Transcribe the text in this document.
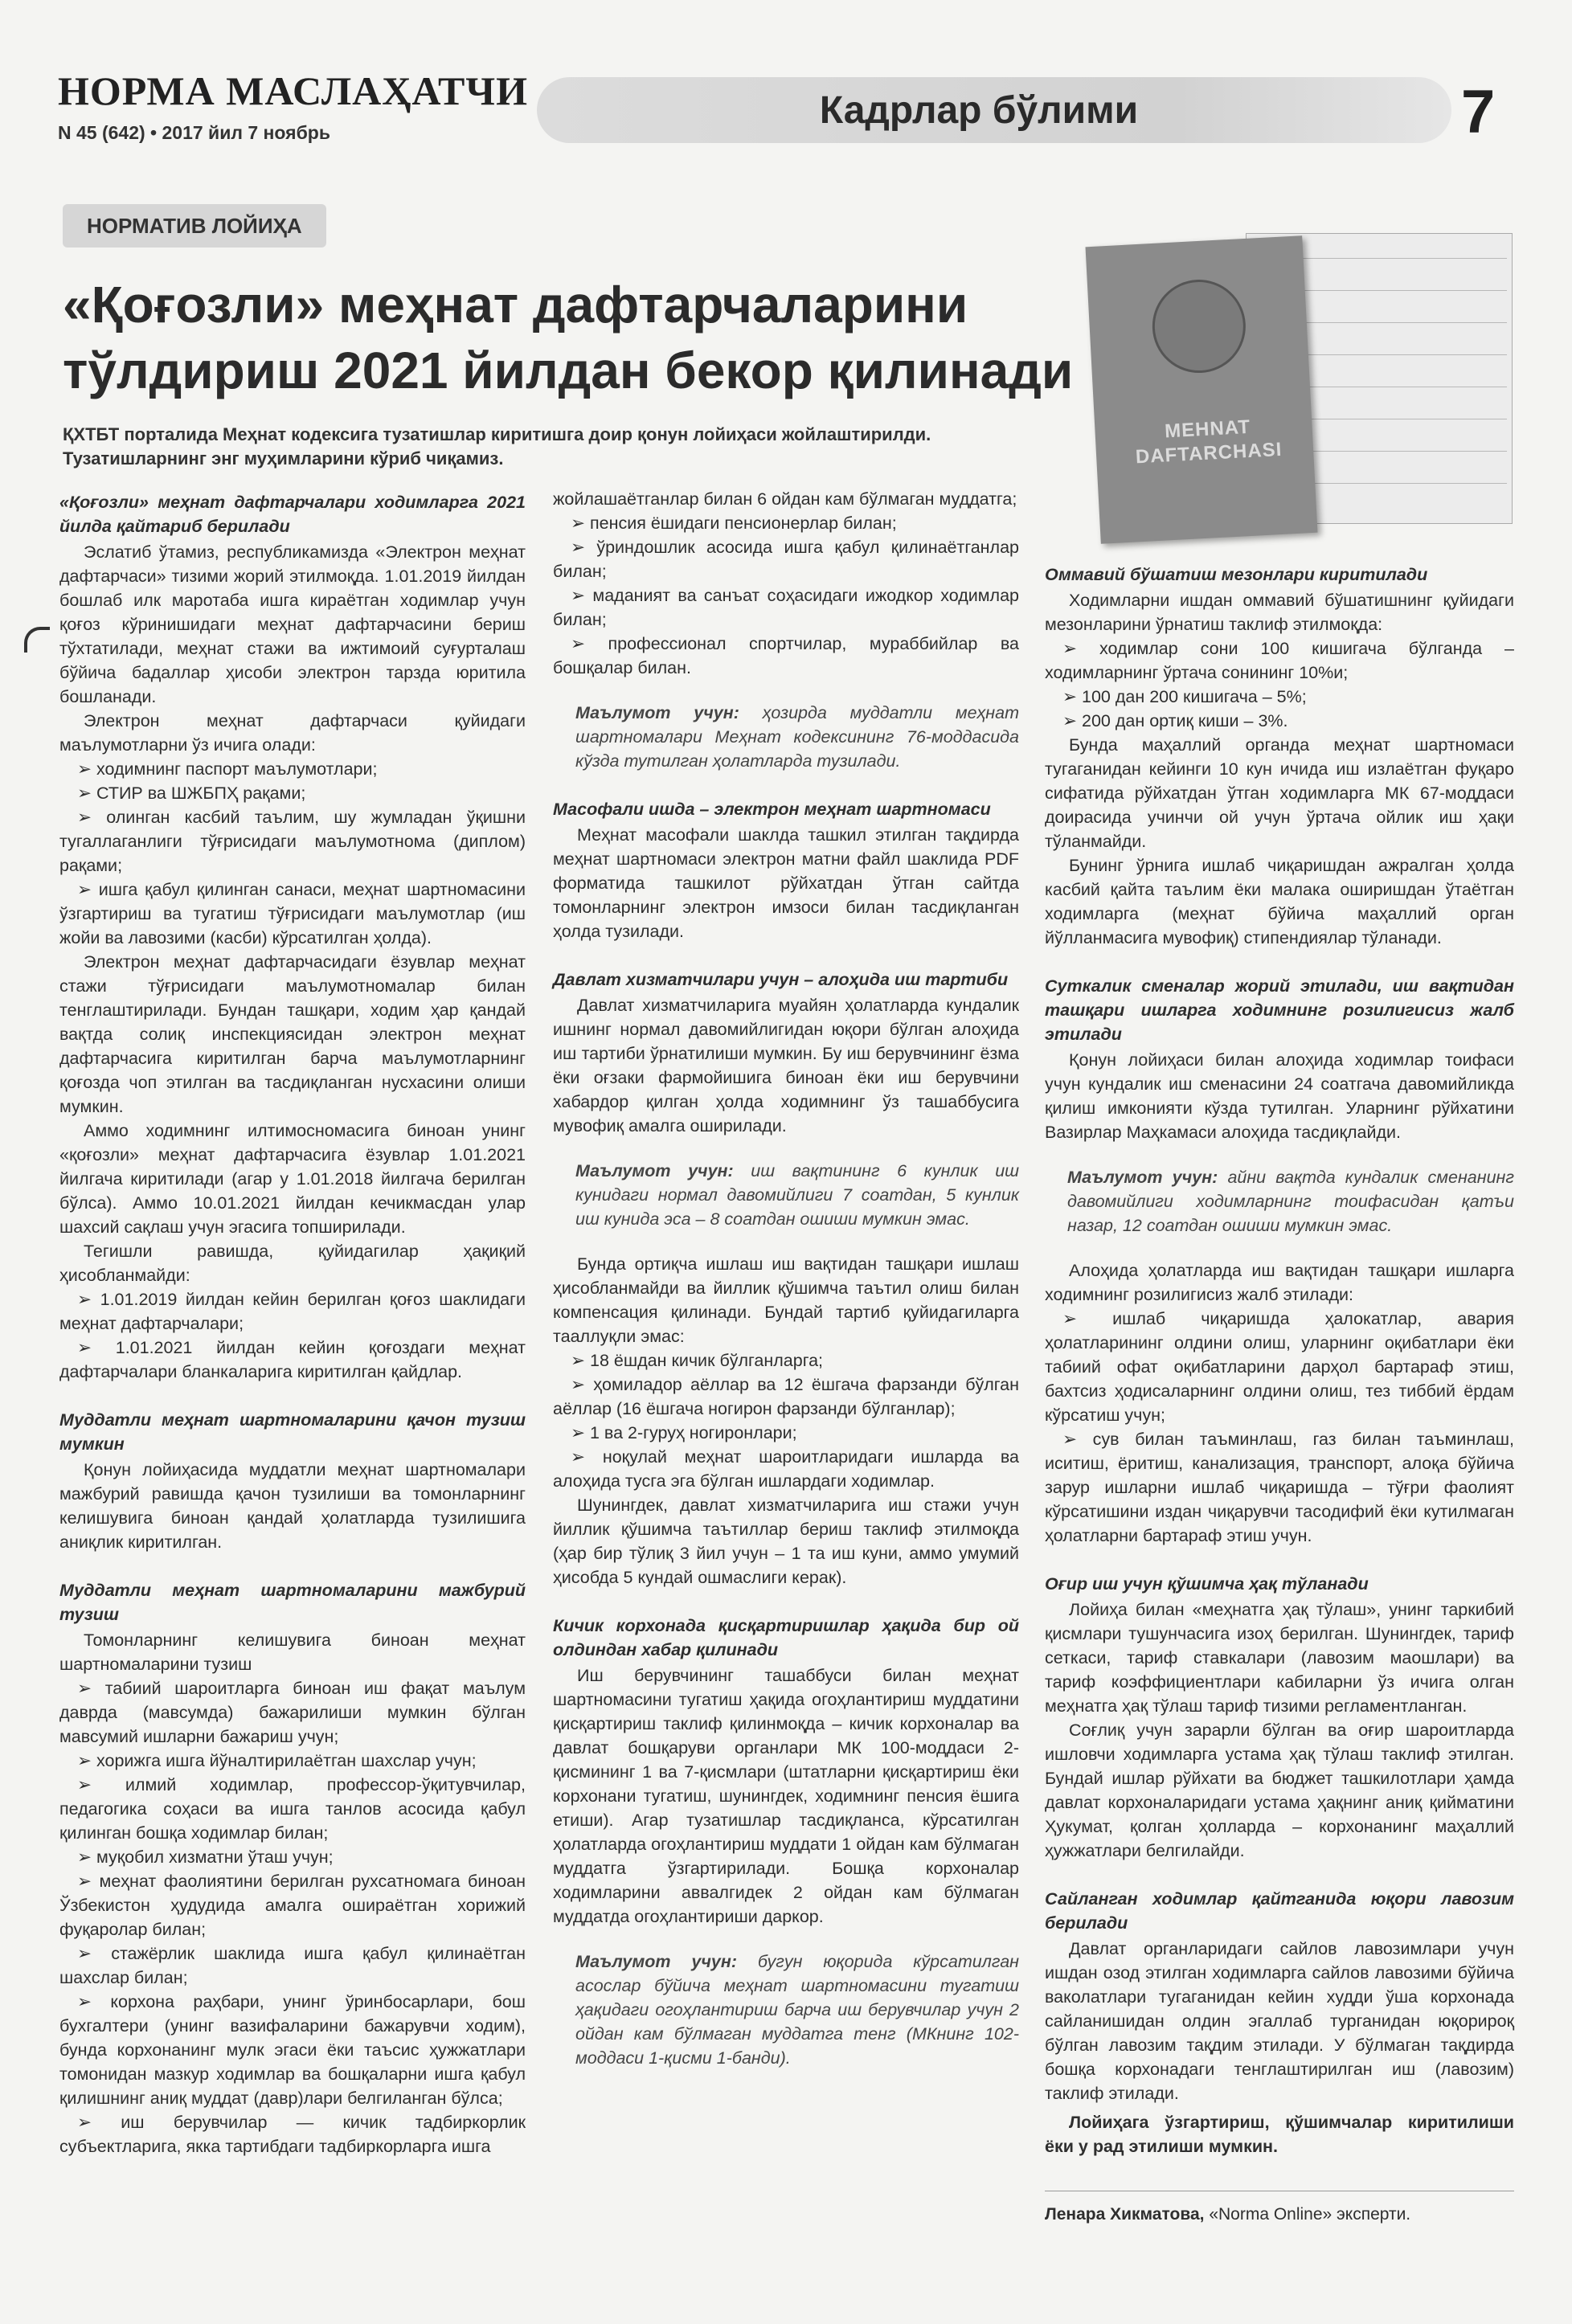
НОРМА МАСЛАҲАТЧИ
N 45 (642) • 2017 йил 7 ноябрь
Кадрлар бўлими	7
НОРМАТИВ ЛОЙИҲА
«Қоғозли» меҳнат дафтарчаларини тўлдириш 2021 йилдан бекор қилинади
ҚХТБТ порталида Меҳнат кодексига тузатишлар киритишга доир қонун лойиҳаси жойлаштирилди. Тузатишларнинг энг муҳимларини кўриб чиқамиз.
MEHNAT DAFTARCHASI

«Қоғозли» меҳнат дафтарчалари ходимларга 2021 йилда қайтариб берилади

Эслатиб ўтамиз, республикамизда «Электрон меҳнат дафтарчаси» тизими жорий этилмоқда. 1.01.2019 йилдан бошлаб илк маротаба ишга кираётган ходимлар учун қоғоз кўринишидаги меҳнат дафтарчасини бериш тўхтатилади, меҳнат стажи ва ижтимоий суғурталаш бўйича бадаллар ҳисоби электрон тарзда юритила бошланади.

Электрон меҳнат дафтарчаси қуйидаги маълумотларни ўз ичига олади:

➢ ходимнинг паспорт маълумотлари;

➢ СТИР ва ШЖБПҲ рақами;

➢ олинган касбий таълим, шу жумладан ўқишни тугаллаганлиги тўғрисидаги маълумотнома (диплом) рақами;

➢ ишга қабул қилинган санаси, меҳнат шартномасини ўзгартириш ва тугатиш тўғрисидаги маълумотлар (иш жойи ва лавозими (касби) кўрсатилган ҳолда).

Электрон меҳнат дафтарчасидаги ёзувлар меҳнат стажи тўғрисидаги маълумотномалар билан тенглаштирилади. Бундан ташқари, ходим ҳар қандай вақтда солиқ инспекциясидан электрон меҳнат дафтарчасига киритилган барча маълумотларнинг қоғозда чоп этилган ва тасдиқланган нусхасини олиши мумкин.

Аммо ходимнинг илтимосномасига биноан унинг «қоғозли» меҳнат дафтарчасига ёзувлар 1.01.2021 йилгача киритилади (агар у 1.01.2018 йилгача берилган бўлса). Аммо 10.01.2021 йилдан кечикмасдан улар шахсий сақлаш учун эгасига топширилади.

Тегишли равишда, қуйидагилар ҳақиқий ҳисобланмайди:

➢ 1.01.2019 йилдан кейин берилган қоғоз шаклидаги меҳнат дафтарчалари;

➢ 1.01.2021 йилдан кейин қоғоздаги меҳнат дафтарчалари бланкаларига киритилган қайдлар.

Муддатли меҳнат шартномаларини қачон тузиш мумкин

Қонун лойиҳасида муддатли меҳнат шартномалари мажбурий равишда қачон тузилиши ва томонларнинг келишувига биноан қандай ҳолатларда тузилишига аниқлик киритилган.

Муддатли меҳнат шартномаларини мажбурий тузиш

Томонларнинг келишувига биноан меҳнат шартномаларини тузиш

➢ табиий шароитларга биноан иш фақат маълум даврда (мавсумда) бажарилиши мумкин бўлган мавсумий ишларни бажариш учун;

➢ хорижга ишга йўналтирилаётган шахслар учун;

➢ илмий ходимлар, профессор-ўқитувчилар, педагогика соҳаси ва ишга танлов асосида қабул қилинган бошқа ходимлар билан;

➢ муқобил хизматни ўташ учун;

➢ меҳнат фаолиятини берилган рухсатномага биноан Ўзбекистон ҳудудида амалга ошираётган хорижий фуқаролар билан;

➢ стажёрлик шаклида ишга қабул қилинаётган шахслар билан;

➢ корхона раҳбари, унинг ўринбосарлари, бош бухгалтери (унинг вазифаларини бажарувчи ходим), бунда корхонанинг мулк эгаси ёки таъсис ҳужжатлари томонидан мазкур ходимлар ва бошқаларни ишга қабул қилишнинг аниқ муддат (давр)лари белгиланган бўлса;

➢ иш берувчилар — кичик тадбиркорлик субъектларига, якка тартибдаги тадбиркорларга ишга

жойлашаётганлар билан 6 ойдан кам бўлмаган муддатга;

➢ пенсия ёшидаги пенсионерлар билан;

➢ ўриндошлик асосида ишга қабул қилинаётганлар билан;

➢ маданият ва санъат соҳасидаги ижодкор ходимлар билан;

➢ профессионал спортчилар, мураббийлар ва бошқалар билан.

Маълумот учун: ҳозирда муддатли меҳнат шартномалари Меҳнат кодексининг 76-моддасида кўзда тутилган ҳолатларда тузилади.

Масофали ишда – электрон меҳнат шартномаси

Меҳнат масофали шаклда ташкил этилган тақдирда меҳнат шартномаси электрон матни файл шаклида PDF форматида ташкилот рўйхатдан ўтган сайтда томонларнинг электрон имзоси билан тасдиқланган ҳолда тузилади.

Давлат хизматчилари учун – алоҳида иш тартиби

Давлат хизматчиларига муайян ҳолатларда кундалик ишнинг нормал давомийлигидан юқори бўлган алоҳида иш тартиби ўрнатилиши мумкин. Бу иш берувчининг ёзма ёки оғзаки фармойишига биноан ёки иш берувчини хабардор қилган ҳолда ходимнинг ўз ташаббусига мувофиқ амалга оширилади.

Маълумот учун: иш вақтининг 6 кунлик иш кунидаги нормал давомийлиги 7 соатдан, 5 кунлик иш кунида эса – 8 соатдан ошиши мумкин эмас.

Бунда ортиқча ишлаш иш вақтидан ташқари ишлаш ҳисобланмайди ва йиллик қўшимча таътил олиш билан компенсация қилинади. Бундай тартиб қуйидагиларга тааллуқли эмас:

➢ 18 ёшдан кичик бўлганларга;

➢ ҳомиладор аёллар ва 12 ёшгача фарзанди бўлган аёллар (16 ёшгача ногирон фарзанди бўлганлар);

➢ 1 ва 2-гуруҳ ногиронлари;

➢ ноқулай меҳнат шароитларидаги ишларда ва алоҳида тусга эга бўлган ишлардаги ходимлар.

Шунингдек, давлат хизматчиларига иш стажи учун йиллик қўшимча таътиллар бериш таклиф этилмоқда (ҳар бир тўлиқ 3 йил учун – 1 та иш куни, аммо умумий ҳисобда 5 кундай ошмаслиги керак).

Кичик корхонада қисқартиришлар ҳақида бир ой олдиндан хабар қилинади

Иш берувчининг ташаббуси билан меҳнат шартномасини тугатиш ҳақида огоҳлантириш муддатини қисқартириш таклиф қилинмоқда – кичик корхоналар ва давлат бошқаруви органлари МК 100-моддаси 2-қисмининг 1 ва 7-қисмлари (штатларни қисқартириш ёки корхонани тугатиш, шунингдек, ходимнинг пенсия ёшига етиши). Агар тузатишлар тасдиқланса, кўрсатилган ҳолатларда огоҳлантириш муддати 1 ойдан кам бўлмаган муддатга ўзгартирилади. Бошқа корхоналар ходимларини аввалгидек 2 ойдан кам бўлмаган муддатда огоҳлантириши даркор.

Маълумот учун: бугун юқорида кўрсатилган асослар бўйича меҳнат шартномасини тугатиш ҳақидаги огоҳлантириш барча иш берувчилар учун 2 ойдан кам бўлмаган муддатга тенг (МКнинг 102-моддаси 1-қисми 1-банди).

Оммавий бўшатиш мезонлари киритилади

Ходимларни ишдан оммавий бўшатишнинг қуйидаги мезонларини ўрнатиш таклиф этилмоқда:

➢ ходимлар сони 100 кишигача бўлганда – ходимларнинг ўртача сонининг 10%и;

➢ 100 дан 200 кишигача – 5%;

➢ 200 дан ортиқ киши – 3%.

Бунда маҳаллий органда меҳнат шартномаси тугаганидан кейинги 10 кун ичида иш излаётган фуқаро сифатида рўйхатдан ўтган ходимларга МК 67-моддаси доирасида учинчи ой учун ўртача ойлик иш ҳақи тўланмайди.

Бунинг ўрнига ишлаб чиқаришдан ажралган ҳолда касбий қайта таълим ёки малака оширишдан ўтаётган ходимларга (меҳнат бўйича маҳаллий орган йўлланмасига мувофиқ) стипендиялар тўланади.

Суткалик сменалар жорий этилади, иш вақтидан ташқари ишларга ходимнинг розилигисиз жалб этилади

Қонун лойиҳаси билан алоҳида ходимлар тоифаси учун кундалик иш сменасини 24 соатгача давомийликда қилиш имконияти кўзда тутилган. Уларнинг рўйхатини Вазирлар Маҳкамаси алоҳида тасдиқлайди.

Маълумот учун: айни вақтда кундалик сменанинг давомийлиги ходимларнинг тоифасидан қатъи назар, 12 соатдан ошиши мумкин эмас.

Алоҳида ҳолатларда иш вақтидан ташқари ишларга ходимнинг розилигисиз жалб этилади:

➢ ишлаб чиқаришда ҳалокатлар, авария ҳолатларининг олдини олиш, уларнинг оқибатлари ёки табиий офат оқибатларини дарҳол бартараф этиш, бахтсиз ҳодисаларнинг олдини олиш, тез тиббий ёрдам кўрсатиш учун;

➢ сув билан таъминлаш, газ билан таъминлаш, иситиш, ёритиш, канализация, транспорт, алоқа бўйича зарур ишларни ишлаб чиқаришда – тўғри фаолият кўрсатишини издан чиқарувчи тасодифий ёки кутилмаган ҳолатларни бартараф этиш учун.

Оғир иш учун қўшимча ҳақ тўланади

Лойиҳа билан «меҳнатга ҳақ тўлаш», унинг таркибий қисмлари тушунчасига изоҳ берилган. Шунингдек, тариф сеткаси, тариф ставкалари (лавозим маошлари) ва тариф коэффициентлари кабиларни ўз ичига олган меҳнатга ҳақ тўлаш тариф тизими регламентланган.

Соғлиқ учун зарарли бўлган ва оғир шароитларда ишловчи ходимларга устама ҳақ тўлаш таклиф этилган. Бундай ишлар рўйхати ва бюджет ташкилотлари ҳамда давлат корхоналаридаги устама ҳақнинг аниқ қийматини Ҳукумат, қолган ҳолларда – корхонанинг маҳаллий ҳужжатлари белгилайди.

Сайланган ходимлар қайтганида юқори лавозим берилади

Давлат органларидаги сайлов лавозимлари учун ишдан озод этилган ходимларга сайлов лавозими бўйича ваколатлари тугаганидан кейин худди ўша корхонада сайланишидан олдин эгаллаб турганидан юқорироқ бўлган лавозим тақдим этилади. У бўлмаган тақдирда бошқа корхонадаги тенглаштирилган иш (лавозим) таклиф этилади.

Лойиҳага ўзгартириш, қўшимчалар киритилиши ёки у рад этилиши мумкин.

Ленара Хикматова, «Norma Online» эксперти.
